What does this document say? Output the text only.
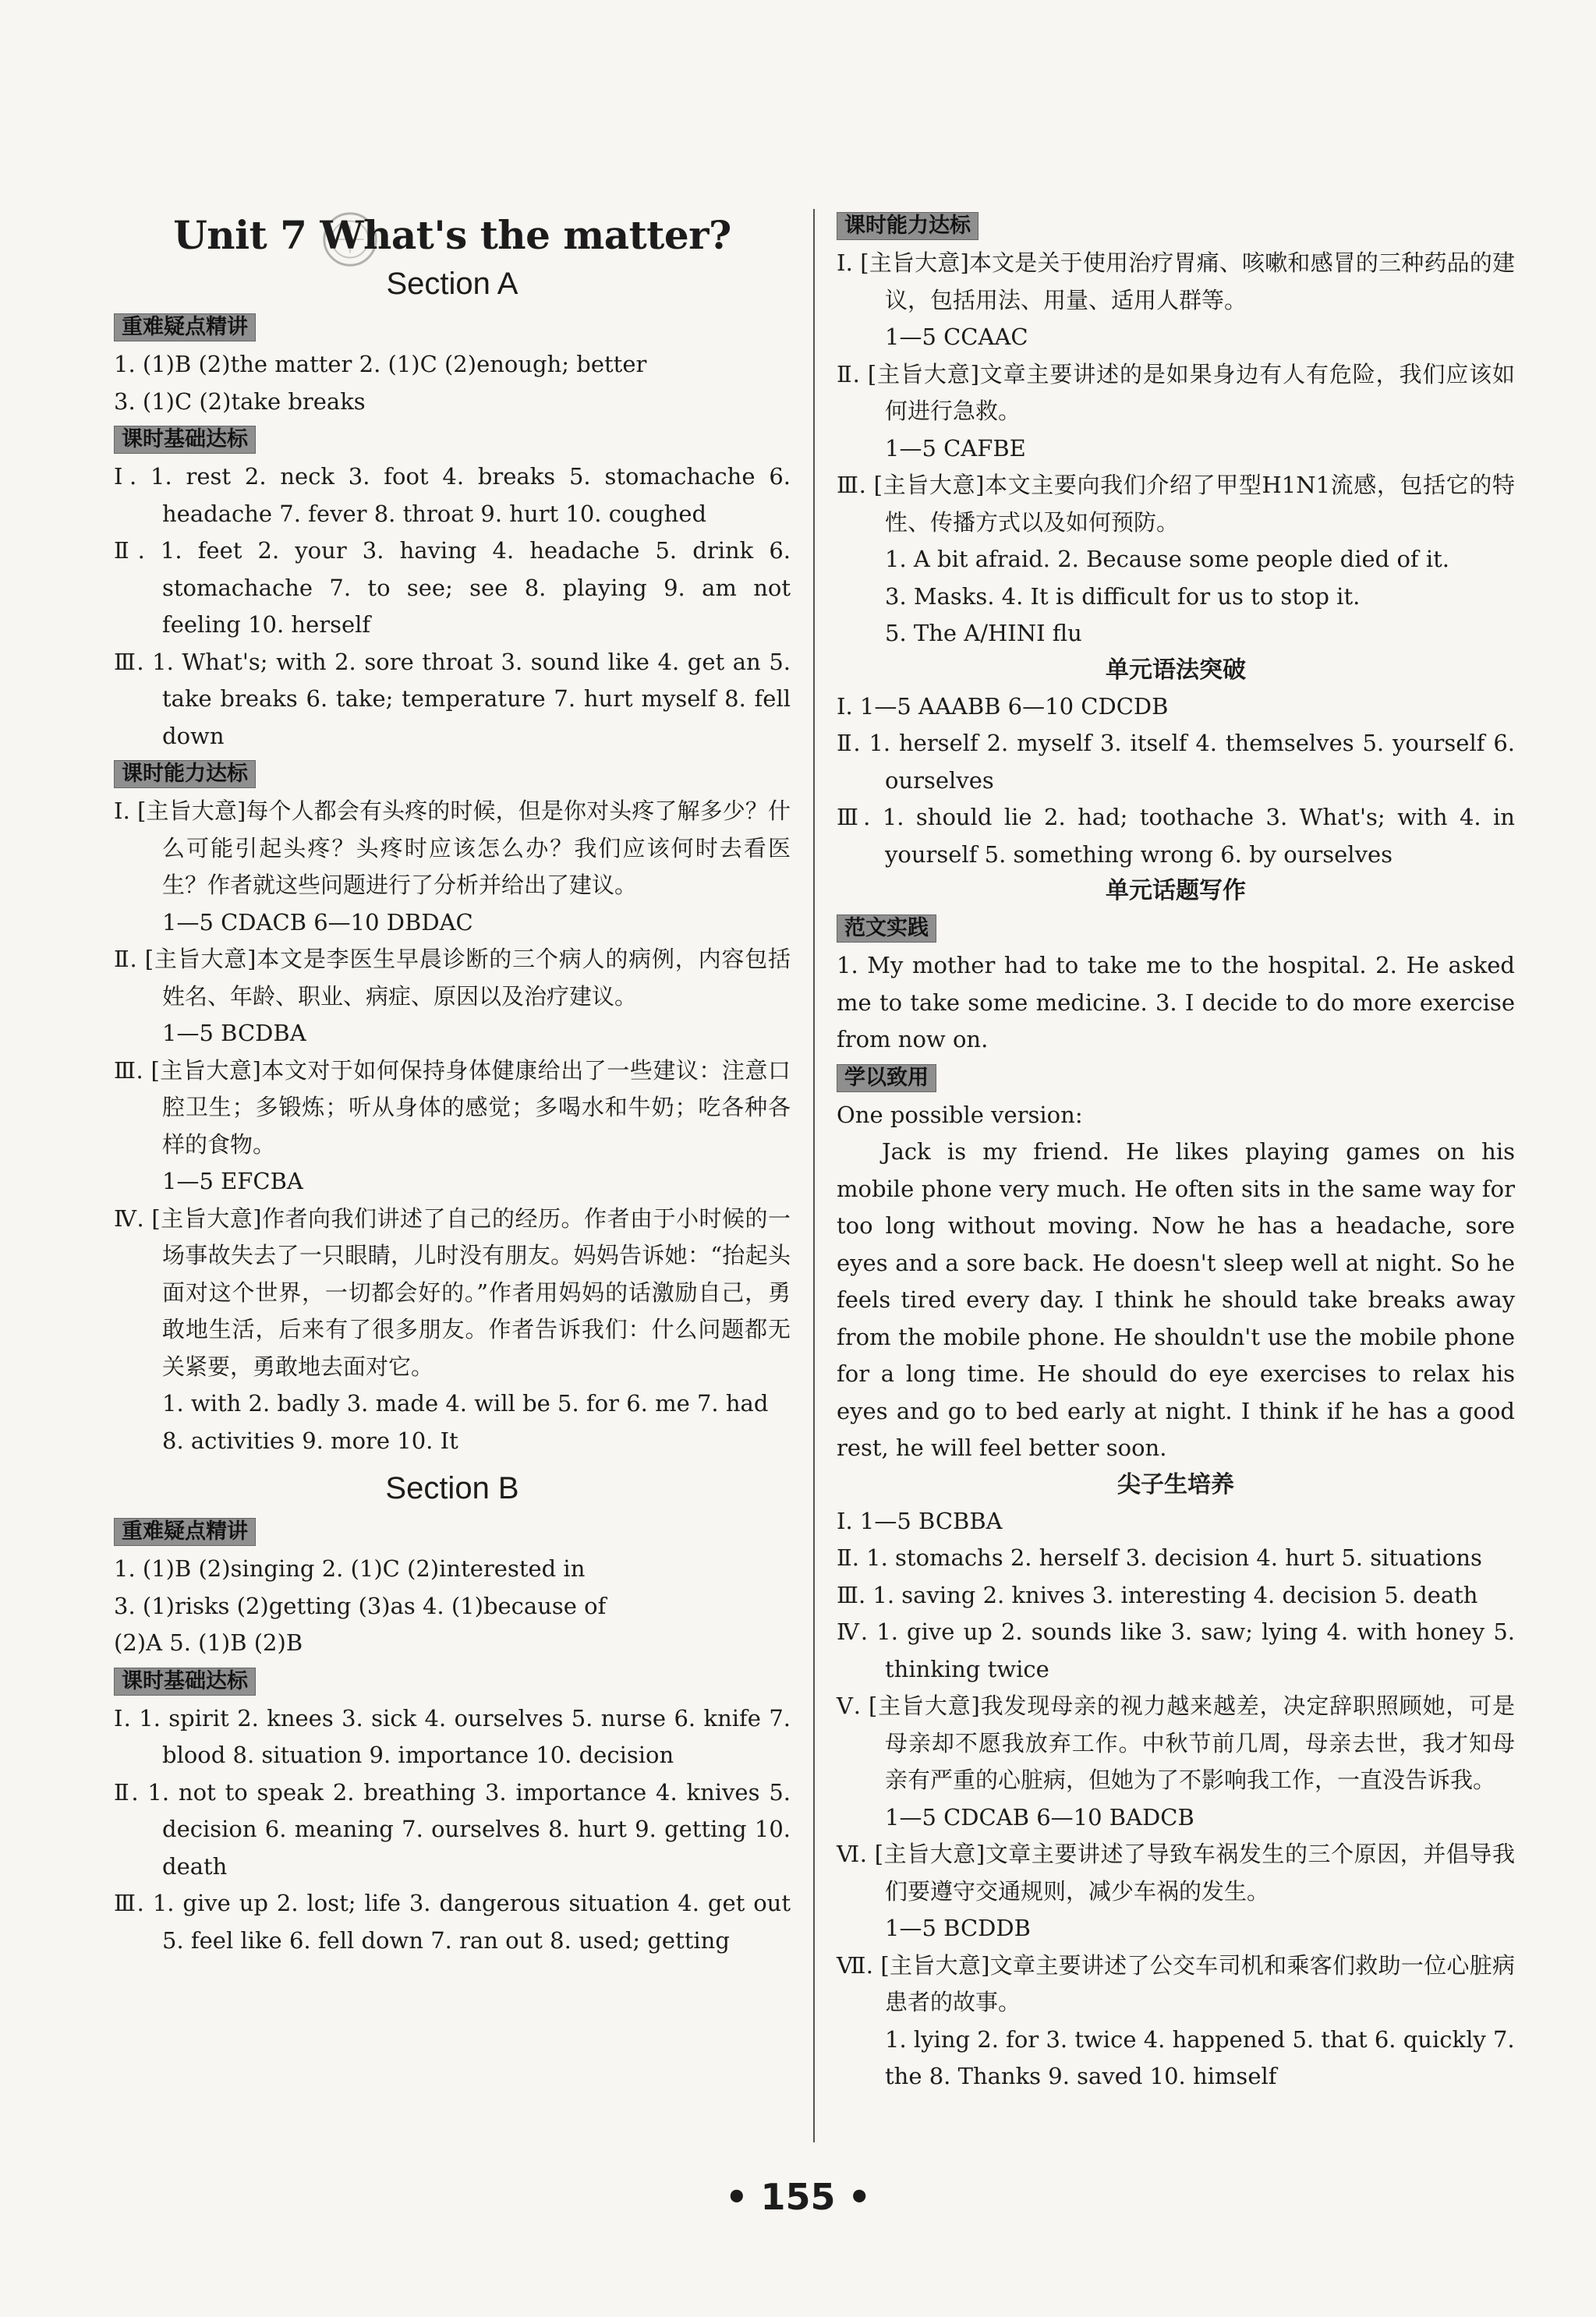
Unit 7 What's the matter?
Section A
重难疑点精讲

1. (1)B (2)the matter 2. (1)C (2)enough; better

3. (1)C (2)take breaks

课时基础达标

Ⅰ. 1. rest 2. neck 3. foot 4. breaks 5. stomachache 6. headache 7. fever 8. throat 9. hurt 10. coughed

Ⅱ. 1. feet 2. your 3. having 4. headache 5. drink 6. stomachache 7. to see; see 8. playing 9. am not feeling 10. herself

Ⅲ. 1. What's; with 2. sore throat 3. sound like 4. get an 5. take breaks 6. take; temperature 7. hurt myself 8. fell down

课时能力达标

Ⅰ. [主旨大意]每个人都会有头疼的时候，但是你对头疼了解多少？什么可能引起头疼？头疼时应该怎么办？我们应该何时去看医生？作者就这些问题进行了分析并给出了建议。

1—5 CDACB 6—10 DBDAC

Ⅱ. [主旨大意]本文是李医生早晨诊断的三个病人的病例，内容包括姓名、年龄、职业、病症、原因以及治疗建议。

1—5 BCDBA

Ⅲ. [主旨大意]本文对于如何保持身体健康给出了一些建议：注意口腔卫生；多锻炼；听从身体的感觉；多喝水和牛奶；吃各种各样的食物。

1—5 EFCBA

Ⅳ. [主旨大意]作者向我们讲述了自己的经历。作者由于小时候的一场事故失去了一只眼睛，儿时没有朋友。妈妈告诉她：“抬起头面对这个世界，一切都会好的。”作者用妈妈的话激励自己，勇敢地生活，后来有了很多朋友。作者告诉我们：什么问题都无关紧要，勇敢地去面对它。

1. with 2. badly 3. made 4. will be 5. for 6. me 7. had 8. activities 9. more 10. It

Section B
重难疑点精讲

1. (1)B (2)singing 2. (1)C (2)interested in

3. (1)risks (2)getting (3)as 4. (1)because of

(2)A 5. (1)B (2)B

课时基础达标

Ⅰ. 1. spirit 2. knees 3. sick 4. ourselves 5. nurse 6. knife 7. blood 8. situation 9. importance 10. decision

Ⅱ. 1. not to speak 2. breathing 3. importance 4. knives 5. decision 6. meaning 7. ourselves 8. hurt 9. getting 10. death

Ⅲ. 1. give up 2. lost; life 3. dangerous situation 4. get out 5. feel like 6. fell down 7. ran out 8. used; getting

课时能力达标

Ⅰ. [主旨大意]本文是关于使用治疗胃痛、咳嗽和感冒的三种药品的建议，包括用法、用量、适用人群等。

1—5 CCAAC

Ⅱ. [主旨大意]文章主要讲述的是如果身边有人有危险，我们应该如何进行急救。

1—5 CAFBE

Ⅲ. [主旨大意]本文主要向我们介绍了甲型H1N1流感，包括它的特性、传播方式以及如何预防。

1. A bit afraid. 2. Because some people died of it.

3. Masks. 4. It is difficult for us to stop it.

5. The A/HINI flu

单元语法突破

Ⅰ. 1—5 AAABB 6—10 CDCDB

Ⅱ. 1. herself 2. myself 3. itself 4. themselves 5. yourself 6. ourselves

Ⅲ. 1. should lie 2. had; toothache 3. What's; with 4. in yourself 5. something wrong 6. by ourselves

单元话题写作
范文实践

1. My mother had to take me to the hospital. 2. He asked me to take some medicine. 3. I decide to do more exercise from now on.

学以致用

One possible version:

Jack is my friend. He likes playing games on his mobile phone very much. He often sits in the same way for too long without moving. Now he has a headache, sore eyes and a sore back. He doesn't sleep well at night. So he feels tired every day. I think he should take breaks away from the mobile phone. He shouldn't use the mobile phone for a long time. He should do eye exercises to relax his eyes and go to bed early at night. I think if he has a good rest, he will feel better soon.

尖子生培养

Ⅰ. 1—5 BCBBA

Ⅱ. 1. stomachs 2. herself 3. decision 4. hurt 5. situations

Ⅲ. 1. saving 2. knives 3. interesting 4. decision 5. death

Ⅳ. 1. give up 2. sounds like 3. saw; lying 4. with honey 5. thinking twice

Ⅴ. [主旨大意]我发现母亲的视力越来越差，决定辞职照顾她，可是母亲却不愿我放弃工作。中秋节前几周，母亲去世，我才知母亲有严重的心脏病，但她为了不影响我工作，一直没告诉我。

1—5 CDCAB 6—10 BADCB

Ⅵ. [主旨大意]文章主要讲述了导致车祸发生的三个原因，并倡导我们要遵守交通规则，减少车祸的发生。

1—5 BCDDB

Ⅶ. [主旨大意]文章主要讲述了公交车司机和乘客们救助一位心脏病患者的故事。

1. lying 2. for 3. twice 4. happened 5. that 6. quickly 7. the 8. Thanks 9. saved 10. himself

• 155 •
